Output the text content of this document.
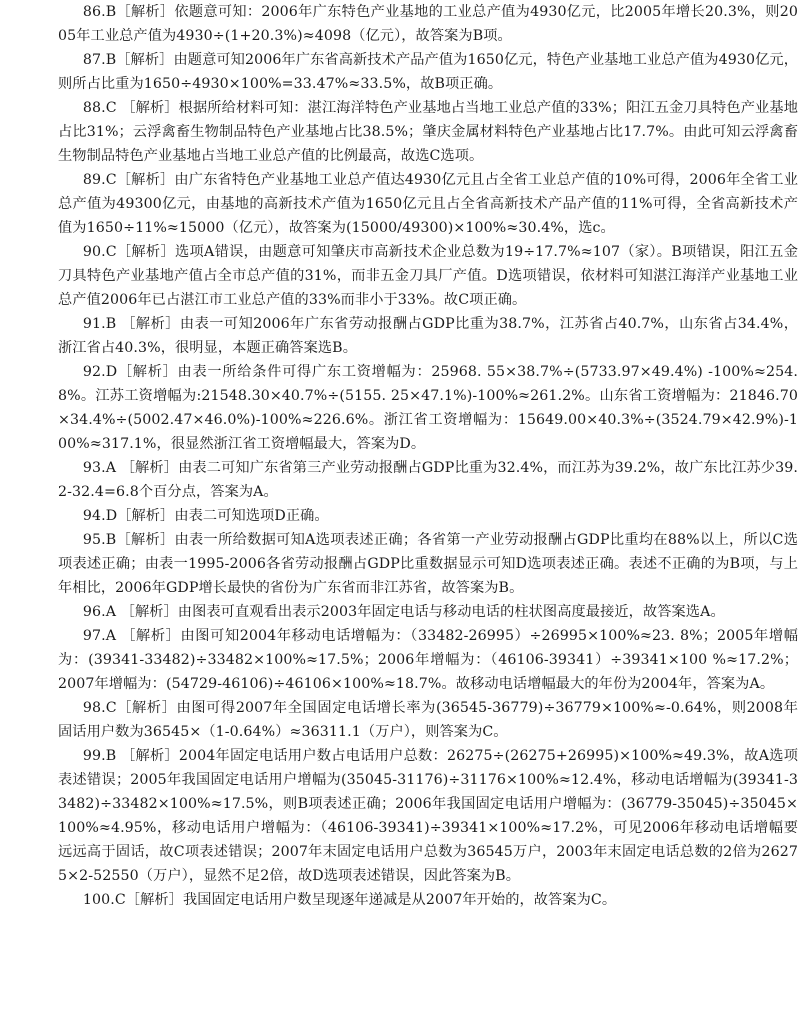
86.B［解析］依题意可知：2006年广东特色产业基地的工业总产值为4930亿元，比2005年增长20.3%，则2005年工业总产值为4930÷(1+20.3%)≈4098（亿元），故答案为B项。

87.B［解析］由题意可知2006年广东省高新技术产品产值为1650亿元，特色产业基地工业总产值为4930亿元，则所占比重为1650÷4930×100%=33.47%≈33.5%，故B项正确。

88.C ［解析］根据所给材料可知：湛江海洋特色产业基地占当地工业总产值的33%；阳江五金刀具特色产业基地占比31%；云浮禽畜生物制品特色产业基地占比38.5%；肇庆金属材料特色产业基地占比17.7%。由此可知云浮禽畜生物制品特色产业基地占当地工业总产值的比例最高，故选C选项。

89.C［解析］由广东省特色产业基地工业总产值达4930亿元且占全省工业总产值的10%可得，2006年全省工业总产值为49300亿元，由基地的高新技术产值为1650亿元且占全省高新技术产品产值的11%可得，全省高新技术产值为1650÷11%≈15000（亿元），故答案为(15000/49300)×100%≈30.4%，选c。

90.C［解析］选项A错误，由题意可知肇庆市高新技术企业总数为19÷17.7%≈107（家）。B项错误，阳江五金刀具特色产业基地产值占全市总产值的31%，而非五金刀具厂产值。D选项错误，依材料可知湛江海洋产业基地工业总产值2006年已占湛江市工业总产值的33%而非小于33%。故C项正确。

91.B ［解析］由表一可知2006年广东省劳动报酬占GDP比重为38.7%，江苏省占40.7%，山东省占34.4%，浙江省占40.3%，很明显，本题正确答案选B。

92.D［解析］由表一所给条件可得广东工资增幅为：25968. 55×38.7%÷(5733.97×49.4%) -100%≈254.8%。江苏工资增幅为:21548.30×40.7%÷(5155. 25×47.1%)-100%≈261.2%。山东省工资增幅为：21846.70×34.4%÷(5002.47×46.0%)-100%≈226.6%。浙江省工资增幅为：15649.00×40.3%÷(3524.79×42.9%)-100%≈317.1%，很显然浙江省工资增幅最大，答案为D。

93.A ［解析］由表二可知广东省第三产业劳动报酬占GDP比重为32.4%，而江苏为39.2%，故广东比江苏少39.2-32.4=6.8个百分点，答案为A。

94.D［解析］由表二可知选项D正确。

95.B［解析］由表一所给数据可知A选项表述正确；各省第一产业劳动报酬占GDP比重均在88%以上，所以C选项表述正确；由表一1995-2006各省劳动报酬占GDP比重数据显示可知D选项表述正确。表述不正确的为B项，与上年相比，2006年GDP增长最快的省份为广东省而非江苏省，故答案为B。

96.A ［解析］由图表可直观看出表示2003年固定电话与移动电话的柱状图高度最接近，故答案选A。

97.A ［解析］由图可知2004年移动电话增幅为：（33482-26995）÷26995×100%≈23. 8%；2005年增幅为：(39341-33482)÷33482×100%≈17.5%；2006年增幅为：（46106-39341）÷39341×100 %≈17.2%；2007年增幅为：(54729-46106)÷46106×100%≈18.7%。故移动电话增幅最大的年份为2004年，答案为A。

98.C［解析］由图可得2007年全国固定电话增长率为(36545-36779)÷36779×100%≈-0.64%，则2008年固话用户数为36545×（1-0.64%）≈36311.1（万户），则答案为C。

99.B ［解析］2004年固定电话用户数占电话用户总数：26275÷(26275+26995)×100%≈49.3%，故A选项表述错误；2005年我国固定电话用户增幅为(35045-31176)÷31176×100%≈12.4%，移动电话增幅为(39341-33482)÷33482×100%≈17.5%，则B项表述正确；2006年我国固定电话用户增幅为：(36779-35045)÷35045×100%≈4.95%，移动电话用户增幅为：（46106-39341)÷39341×100%≈17.2%，可见2006年移动电话增幅要远远高于固话，故C项表述错误；2007年末固定电话用户总数为36545万户，2003年末固定电话总数的2倍为26275×2-52550（万户），显然不足2倍，故D选项表述错误，因此答案为B。

100.C［解析］我国固定电话用户数呈现逐年递减是从2007年开始的，故答案为C。
